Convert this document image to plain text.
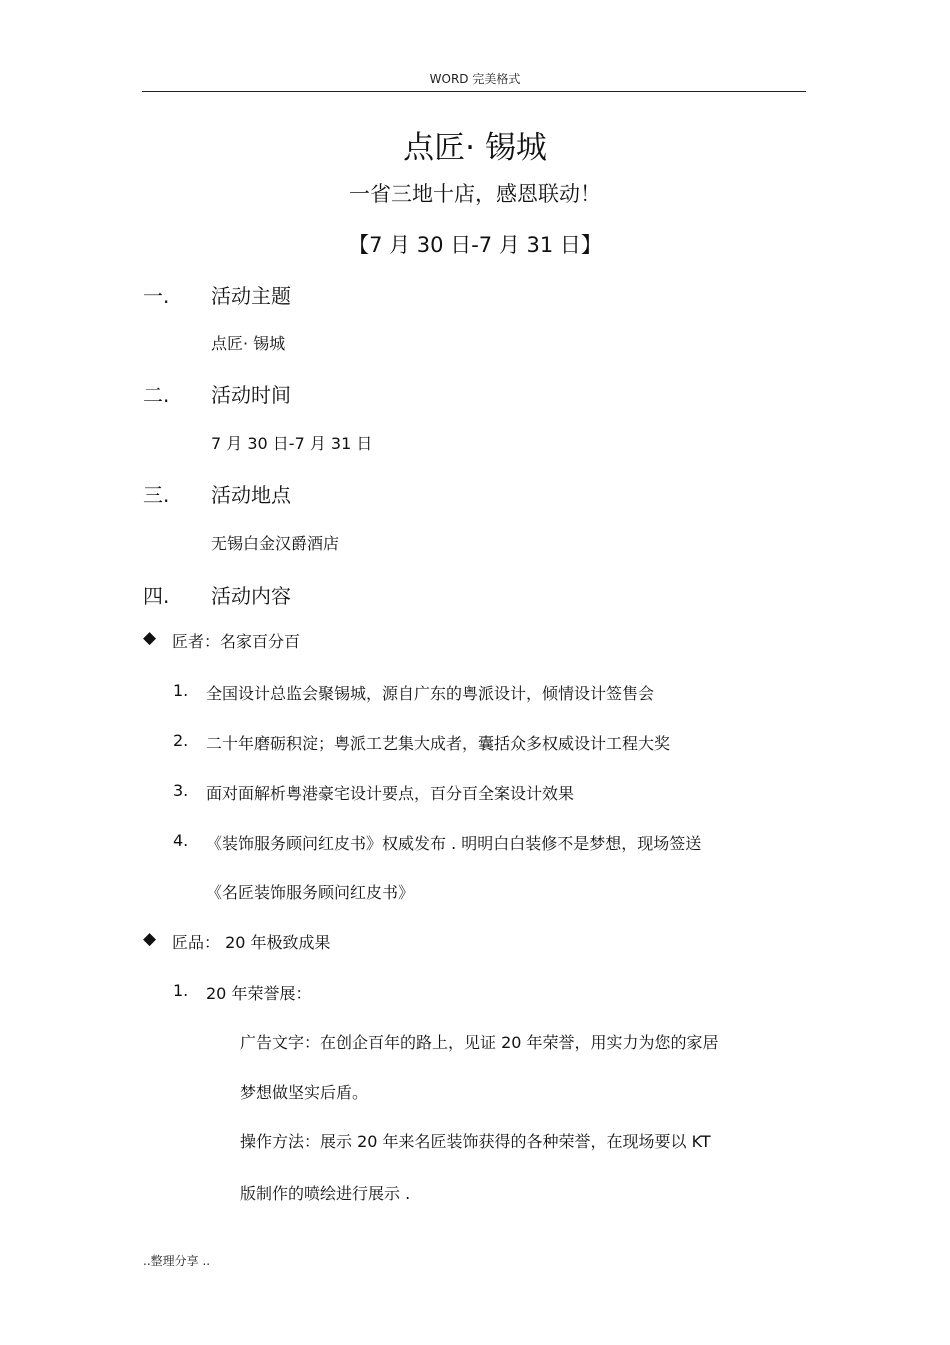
WORD 完美格式
点匠· 锡城
一省三地十店，感恩联动！
【7 月 30 日-7 月 31 日】
一. 活动主题
点匠· 锡城
二. 活动时间
7 月 30 日-7 月 31 日
三. 活动地点
无锡白金汉爵酒店
四. 活动内容
◆ 匠者：名家百分百
1. 全国设计总监会聚锡城，源自广东的粤派设计，倾情设计签售会
2. 二十年磨砺积淀；粤派工艺集大成者，囊括众多权威设计工程大奖
3. 面对面解析粤港豪宅设计要点，百分百全案设计效果
4. 《装饰服务顾问红皮书》权威发布 . 明明白白装修不是梦想，现场签送
《名匠装饰服务顾问红皮书》
◆ 匠品： 20 年极致成果
1. 20 年荣誉展：
广告文字：在创企百年的路上，见证 20 年荣誉，用实力为您的家居
梦想做坚实后盾。
操作方法：展示 20 年来名匠装饰获得的各种荣誉，在现场要以 KT
版制作的喷绘进行展示 .
..整理分享 ..
